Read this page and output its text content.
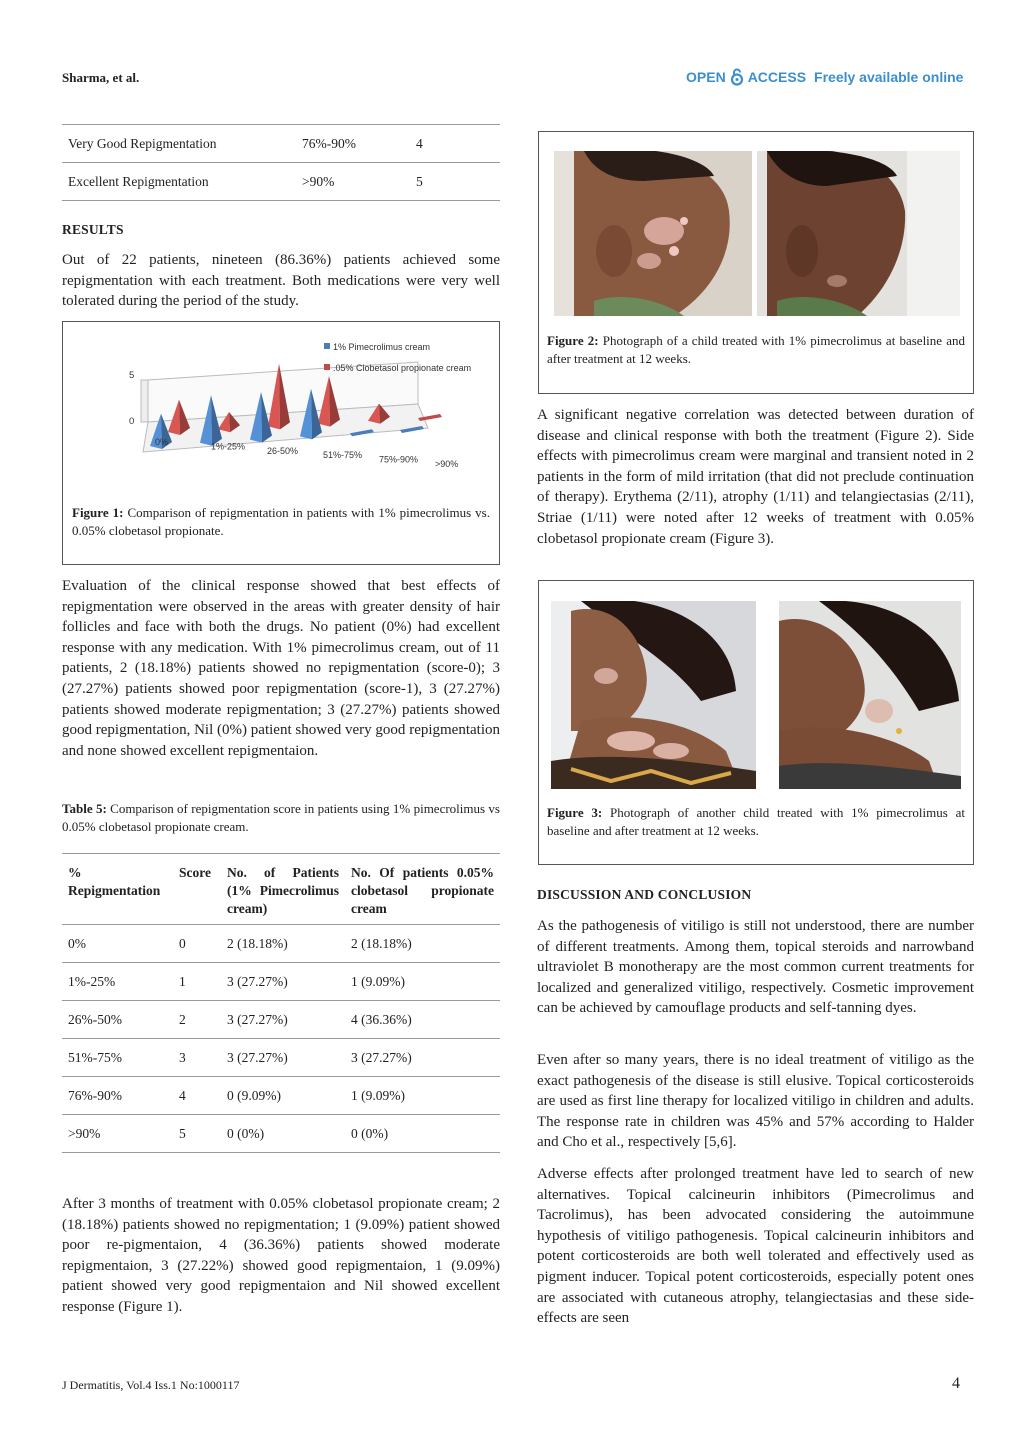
Sharma, et al.	OPEN ACCESS Freely available online
Very Good Repigmentation	76%-90%	4
Excellent Repigmentation	>90%	5
RESULTS

Out of 22 patients, nineteen (86.36%) patients achieved some repigmentation with each treatment. Both medications were very well tolerated during the period of the study.

0
5
0%	1%-25% 26-50%	51%-75% 75%-90% >90%
1% Pimecrolimus cream
.05% Clobetasol propionate cream
Figure 1: Comparison of repigmentation in patients with 1% pimecrolimus vs. 0.05% clobetasol propionate.

Evaluation of the clinical response showed that best effects of repigmentation were observed in the areas with greater density of hair follicles and face with both the drugs. No patient (0%) had excellent response with any medication. With 1% pimecrolimus cream, out of 11 patients, 2 (18.18%) patients showed no repigmentation (score-0); 3 (27.27%) patients showed poor repigmentation (score-1), 3 (27.27%) patients showed moderate repigmentation; 3 (27.27%) patients showed good repigmentation, Nil (0%) patient showed very good repigmentation and none showed excellent repigmentaion.

Table 5: Comparison of repigmentation score in patients using 1% pimecrolimus vs 0.05% clobetasol propionate cream.
% Repigmentation	Score	No. of Patients (1% Pimecrolimus cream)	No. Of patients 0.05% clobetasol propionate cream
0%	0	2 (18.18%)	2 (18.18%)
1%-25%	1	3 (27.27%)	1 (9.09%)
26%-50%	2	3 (27.27%)	4 (36.36%)
51%-75%	3	3 (27.27%)	3 (27.27%)
76%-90%	4	0 (9.09%)	1 (9.09%)
>90%	5	0 (0%)	0 (0%)

After 3 months of treatment with 0.05% clobetasol propionate cream; 2 (18.18%) patients showed no repigmentation; 1 (9.09%) patient showed poor re-pigmentaion, 4 (36.36%) patients showed moderate repigmentaion, 3 (27.22%) showed good repigmentaion, 1 (9.09%) patient showed very good repigmentaion and Nil showed excellent response (Figure 1).

Figure 2: Photograph of a child treated with 1% pimecrolimus at baseline and after treatment at 12 weeks.

A significant negative correlation was detected between duration of disease and clinical response with both the treatment (Figure 2). Side effects with pimecrolimus cream were marginal and transient noted in 2 patients in the form of mild irritation (that did not preclude continuation of therapy). Erythema (2/11), atrophy (1/11) and telangiectasias (2/11), Striae (1/11) were noted after 12 weeks of treatment with 0.05% clobetasol propionate cream (Figure 3).

Figure 3: Photograph of another child treated with 1% pimecrolimus at baseline and after treatment at 12 weeks.
DISCUSSION AND CONCLUSION

As the pathogenesis of vitiligo is still not understood, there are number of different treatments. Among them, topical steroids and narrowband ultraviolet B monotherapy are the most common current treatments for localized and generalized vitiligo, respectively. Cosmetic improvement can be achieved by camouflage products and self-tanning dyes.

Even after so many years, there is no ideal treatment of vitiligo as the exact pathogenesis of the disease is still elusive. Topical corticosteroids are used as first line therapy for localized vitiligo in children and adults. The response rate in children was 45% and 57% according to Halder and Cho et al., respectively [5,6].

Adverse effects after prolonged treatment have led to search of new alternatives. Topical calcineurin inhibitors (Pimecrolimus and Tacrolimus), has been advocated considering the autoimmune hypothesis of vitiligo pathogenesis. Topical calcineurin inhibitors and potent corticosteroids are both well tolerated and effectively used as pigment inducer. Topical potent corticosteroids, especially potent ones are associated with cutaneous atrophy, telangiectasias and these side-effects are seen

J Dermatitis, Vol.4 Iss.1 No:1000117	4
